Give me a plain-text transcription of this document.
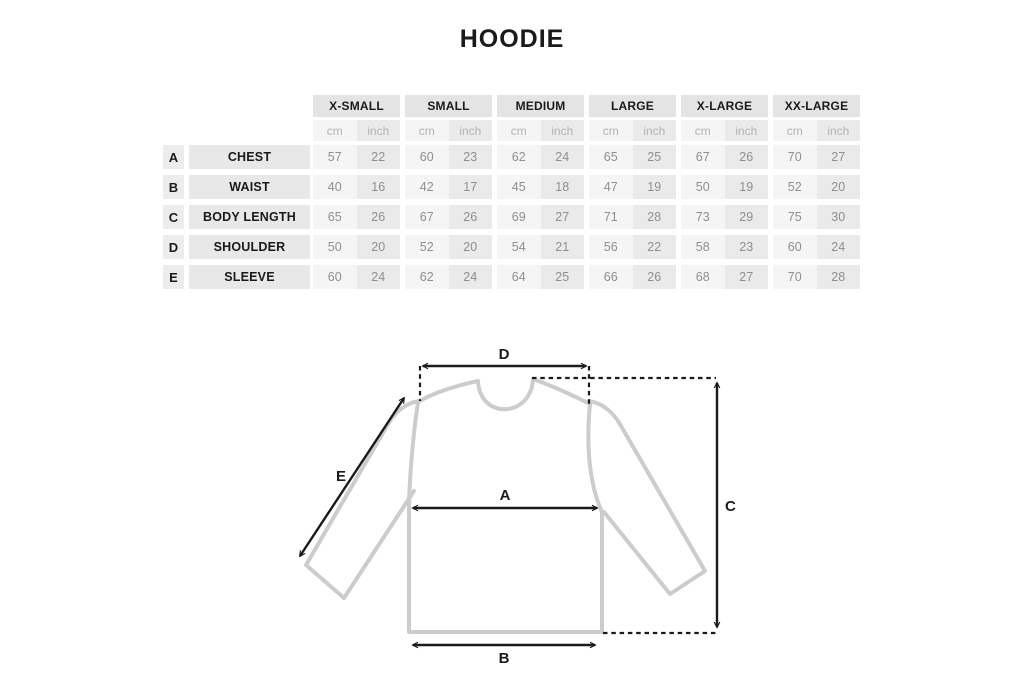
HOODIE
X-SMALL	SMALL	MEDIUM	LARGE	X-LARGE	XX-LARGE
cm	inch	cm	inch	cm	inch	cm	inch	cm	inch	cm	inch
A	CHEST	57	22	60	23	62	24	65	25	67	26	70	27
B	WAIST	40	16	42	17	45	18	47	19	50	19	52	20
C	BODY LENGTH	65	26	67	26	69	27	71	28	73	29	75	30
D	SHOULDER	50	20	52	20	54	21	56	22	58	23	60	24
E	SLEEVE	60	24	62	24	64	25	66	26	68	27	70	28
D
A
B
C
E
